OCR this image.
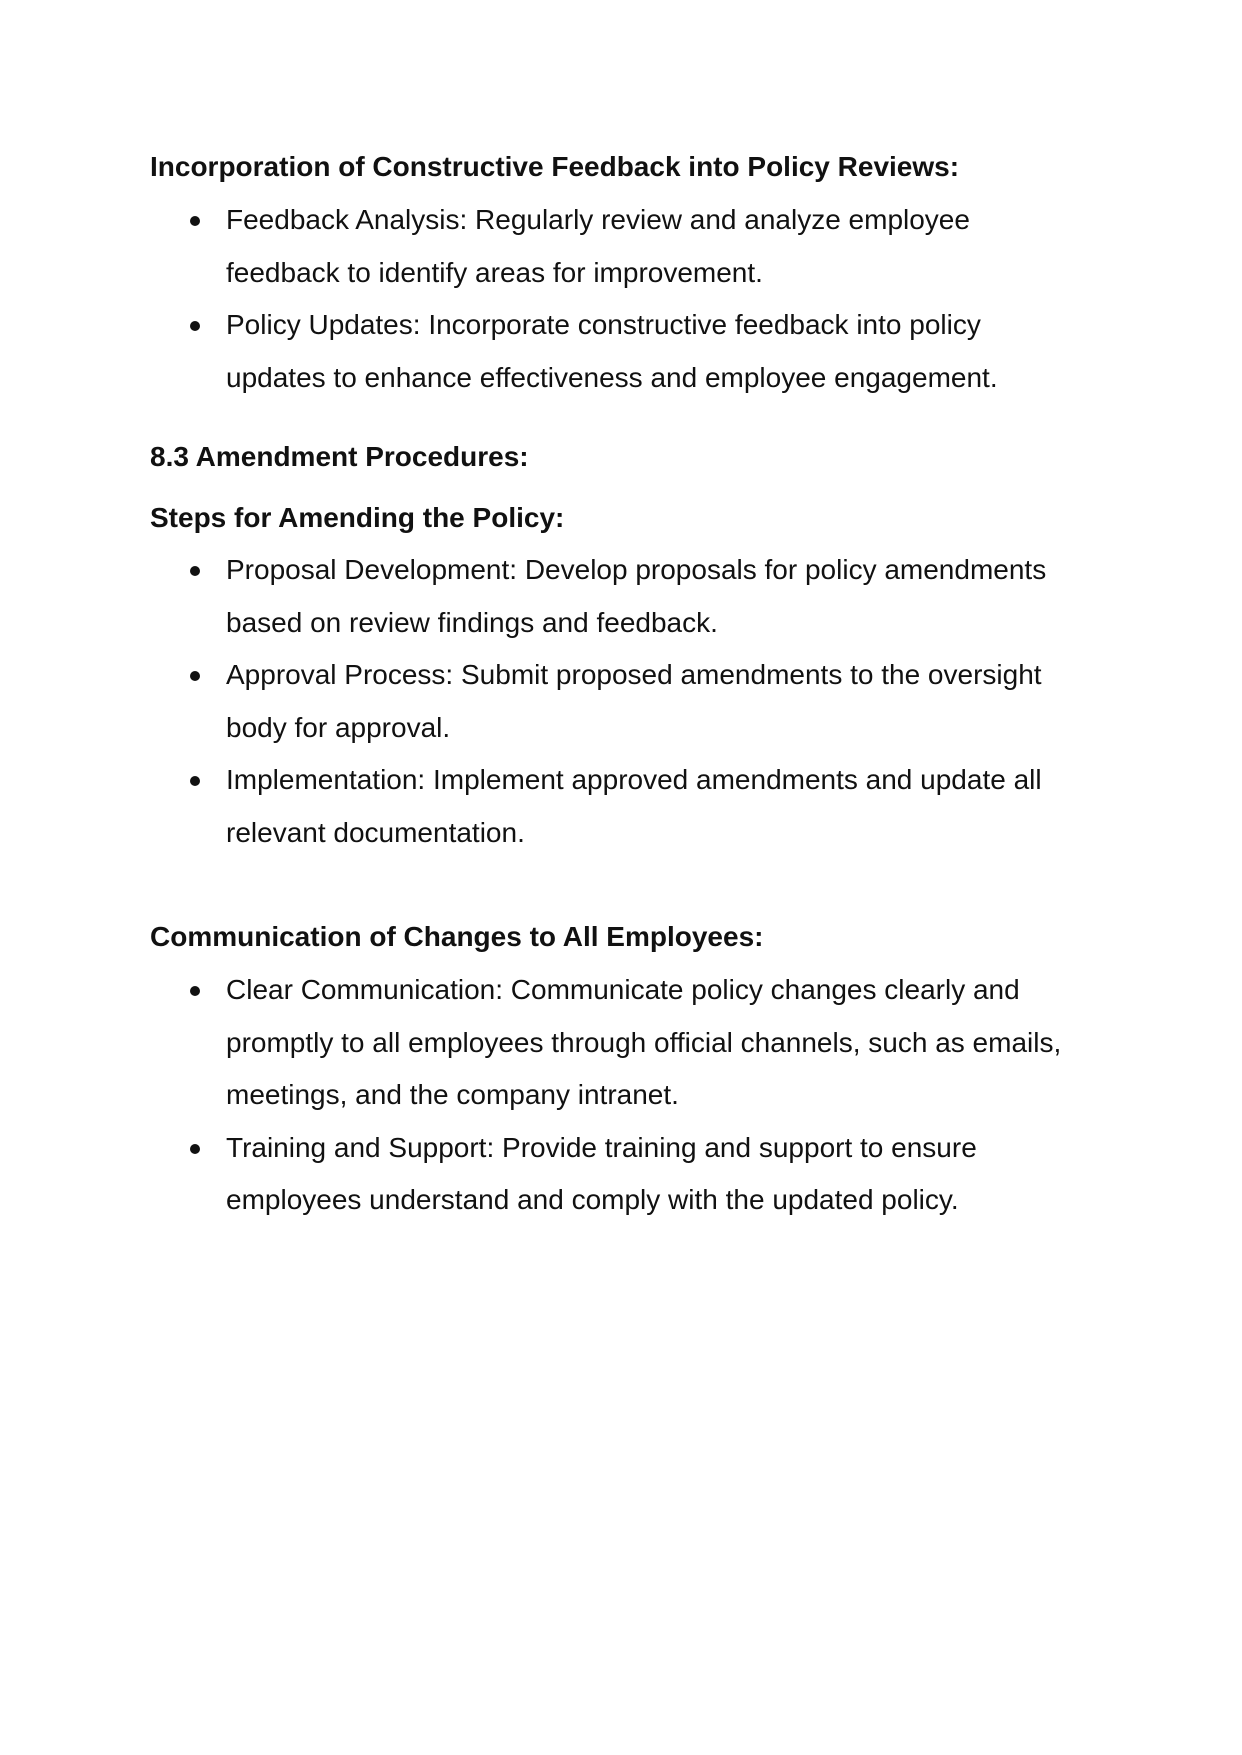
Incorporation of Constructive Feedback into Policy Reviews:
Feedback Analysis: Regularly review and analyze employee feedback to identify areas for improvement.
Policy Updates: Incorporate constructive feedback into policy updates to enhance effectiveness and employee engagement.
8.3 Amendment Procedures:
Steps for Amending the Policy:
Proposal Development: Develop proposals for policy amendments based on review findings and feedback.
Approval Process: Submit proposed amendments to the oversight body for approval.
Implementation: Implement approved amendments and update all relevant documentation.
Communication of Changes to All Employees:
Clear Communication: Communicate policy changes clearly and promptly to all employees through official channels, such as emails, meetings, and the company intranet.
Training and Support: Provide training and support to ensure employees understand and comply with the updated policy.
